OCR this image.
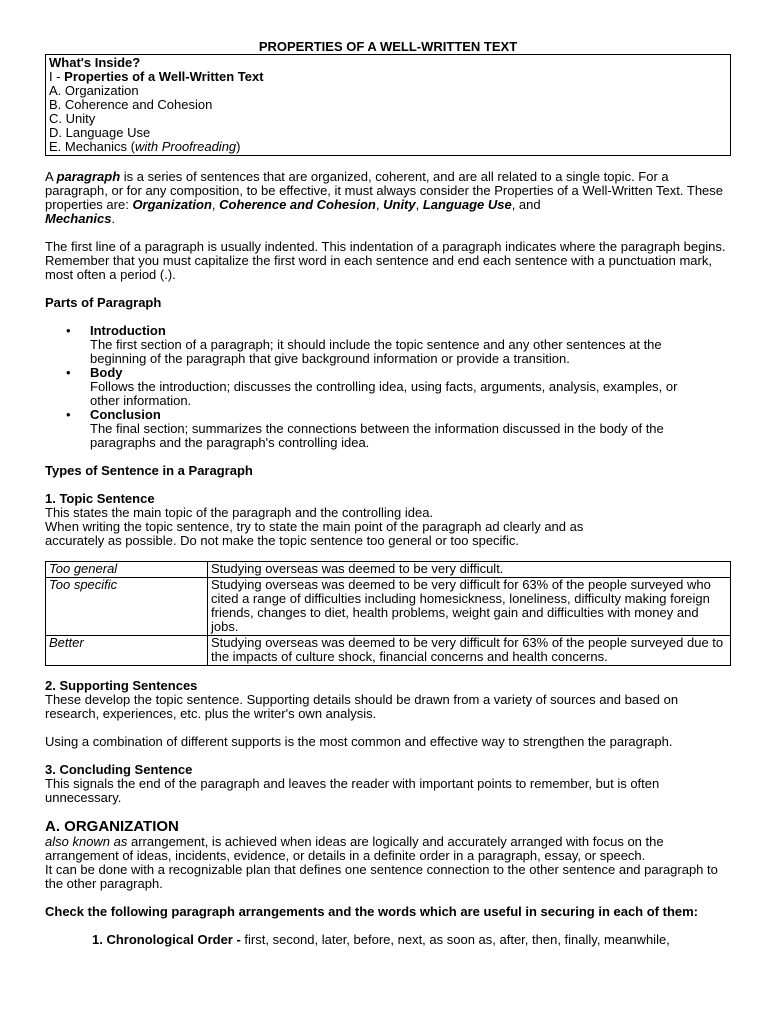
PROPERTIES OF A WELL-WRITTEN TEXT

What's Inside?

I - Properties of a Well-Written Text

A. Organization

B. Coherence and Cohesion

C. Unity

D. Language Use

E. Mechanics (with Proofreading)

A paragraph is a series of sentences that are organized, coherent, and are all related to a single topic. For a paragraph, or for any composition, to be effective, it must always consider the Properties of a Well-Written Text. These properties are: Organization, Coherence and Cohesion, Unity, Language Use, and
Mechanics.

The first line of a paragraph is usually indented. This indentation of a paragraph indicates where the paragraph begins. Remember that you must capitalize the first word in each sentence and end each sentence with a punctuation mark, most often a period (.).

Parts of Paragraph

• Introduction
The first section of a paragraph; it should include the topic sentence and any other sentences at the beginning of the paragraph that give background information or provide a transition.
• Body
Follows the introduction; discusses the controlling idea, using facts, arguments, analysis, examples, or other information.
• Conclusion
The final section; summarizes the connections between the information discussed in the body of the paragraphs and the paragraph's controlling idea.

Types of Sentence in a Paragraph

1. Topic Sentence

This states the main topic of the paragraph and the controlling idea.

When writing the topic sentence, try to state the main point of the paragraph ad clearly and as accurately as possible. Do not make the topic sentence too general or too specific.

Too general	Studying overseas was deemed to be very difficult.
Too specific	Studying overseas was deemed to be very difficult for 63% of the people surveyed who cited a range of difficulties including homesickness, loneliness, difficulty making foreign friends, changes to diet, health problems, weight gain and difficulties with money and jobs.
Better	Studying overseas was deemed to be very difficult for 63% of the people surveyed due to the impacts of culture shock, financial concerns and health concerns.

2. Supporting Sentences

These develop the topic sentence. Supporting details should be drawn from a variety of sources and based on research, experiences, etc. plus the writer's own analysis.

Using a combination of different supports is the most common and effective way to strengthen the paragraph.

3. Concluding Sentence

This signals the end of the paragraph and leaves the reader with important points to remember, but is often unnecessary.

A. ORGANIZATION

also known as arrangement, is achieved when ideas are logically and accurately arranged with focus on the arrangement of ideas, incidents, evidence, or details in a definite order in a paragraph, essay, or speech.

It can be done with a recognizable plan that defines one sentence connection to the other sentence and paragraph to the other paragraph.

Check the following paragraph arrangements and the words which are useful in securing in each of them:

1. Chronological Order - first, second, later, before, next, as soon as, after, then, finally, meanwhile,
